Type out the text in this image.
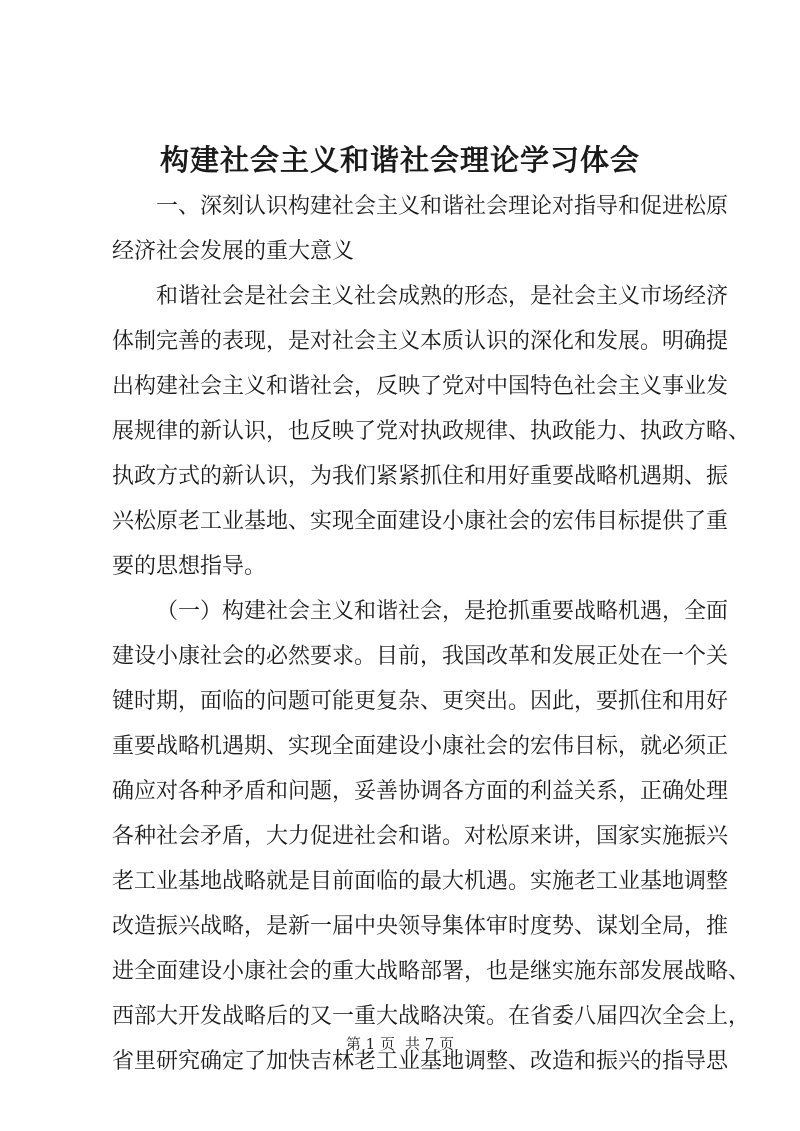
构建社会主义和谐社会理论学习体会
一、深刻认识构建社会主义和谐社会理论对指导和促进松原
经济社会发展的重大意义
和谐社会是社会主义社会成熟的形态，是社会主义市场经济
体制完善的表现，是对社会主义本质认识的深化和发展。明确提
出构建社会主义和谐社会，反映了党对中国特色社会主义事业发
展规律的新认识，也反映了党对执政规律、执政能力、执政方略、
执政方式的新认识，为我们紧紧抓住和用好重要战略机遇期、振
兴松原老工业基地、实现全面建设小康社会的宏伟目标提供了重
要的思想指导。
（一）构建社会主义和谐社会，是抢抓重要战略机遇，全面
建设小康社会的必然要求。目前，我国改革和发展正处在一个关
键时期，面临的问题可能更复杂、更突出。因此，要抓住和用好
重要战略机遇期、实现全面建设小康社会的宏伟目标，就必须正
确应对各种矛盾和问题，妥善协调各方面的利益关系，正确处理
各种社会矛盾，大力促进社会和谐。对松原来讲，国家实施振兴
老工业基地战略就是目前面临的最大机遇。实施老工业基地调整
改造振兴战略，是新一届中央领导集体审时度势、谋划全局，推
进全面建设小康社会的重大战略部署，也是继实施东部发展战略、
西部大开发战略后的又一重大战略决策。在省委八届四次全会上，
省里研究确定了加快吉林老工业基地调整、改造和振兴的指导思
第 1 页 共 7 页
